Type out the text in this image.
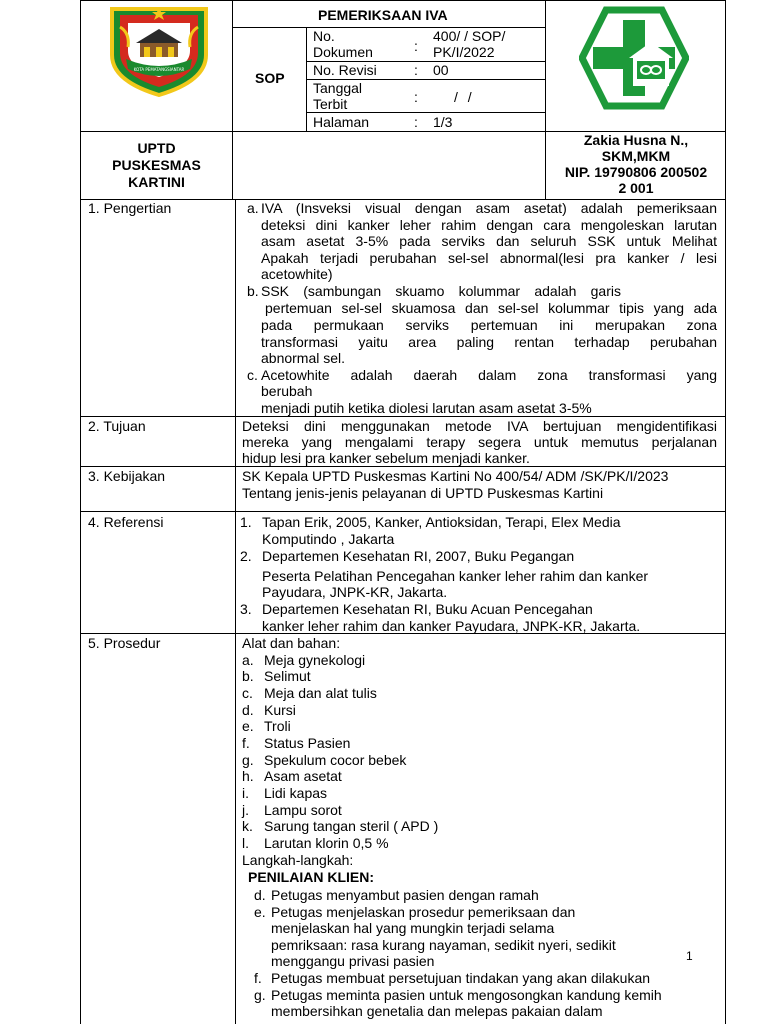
KOTA PEMATANGSIANTAR
PEMERIKSAAN IVA
SOP
No.
Dokumen	:
400/ / SOP/
PK/I/2022
No. Revisi	: 00
Tanggal
Terbit	:	/ /
Halaman	: 1/3
UPTD
PUSKESMAS
KARTINI
Zakia Husna N.,
SKM,MKM
NIP. 19790806 200502
2 001
1. Pengertian	a. IVA (Insveksi visual dengan asam asetat) adalah pemeriksaan
deteksi dini kanker leher rahim dengan cara mengoleskan larutan
asam asetat 3-5% pada serviks dan seluruh SSK untuk Melihat
Apakah terjadi perubahan sel-sel abnormal(lesi pra kanker / lesi
acetowhite)
b. SSK (sambungan skuamo kolummar adalah garis
pertemuan sel-sel skuamosa dan sel-sel kolummar tipis yang ada
pada permukaan serviks pertemuan ini merupakan zona
transformasi yaitu area paling rentan terhadap perubahan
abnormal sel.
c. Acetowhite adalah daerah dalam zona transformasi yang
berubah
menjadi putih ketika diolesi larutan asam asetat 3-5%
2. Tujuan	Deteksi dini menggunakan metode IVA bertujuan mengidentifikasi
mereka yang mengalami terapy segera untuk memutus perjalanan
hidup lesi pra kanker sebelum menjadi kanker.
3. Kebijakan	SK Kepala UPTD Puskesmas Kartini No 400/54/ ADM /SK/PK/I/2023
Tentang jenis-jenis pelayanan di UPTD Puskesmas Kartini
4. Referensi	1. Tapan Erik, 2005, Kanker, Antioksidan, Terapi, Elex Media
Komputindo , Jakarta
2. Departemen Kesehatan RI, 2007, Buku Pegangan
Peserta Pelatihan Pencegahan kanker leher rahim dan kanker
Payudara, JNPK-KR, Jakarta.
3. Departemen Kesehatan RI, Buku Acuan Pencegahan
kanker leher rahim dan kanker Payudara, JNPK-KR, Jakarta.
5. Prosedur	Alat dan bahan:
a. Meja gynekologi
b. Selimut
c. Meja dan alat tulis
d. Kursi
e. Troli
f. Status Pasien
g. Spekulum cocor bebek
h. Asam asetat
i. Lidi kapas
j. Lampu sorot
k. Sarung tangan steril ( APD )
l. Larutan klorin 0,5 %
Langkah-langkah:
PENILAIAN KLIEN:
d. Petugas menyambut pasien dengan ramah
e. Petugas menjelaskan prosedur pemeriksaan dan
menjelaskan hal yang mungkin terjadi selama
pemriksaan: rasa kurang nayaman, sedikit nyeri, sedikit
menggangu privasi pasien
f. Petugas membuat persetujuan tindakan yang akan dilakukan
g. Petugas meminta pasien untuk mengosongkan kandung kemih
membersihkan genetalia dan melepas pakaian dalam
1
